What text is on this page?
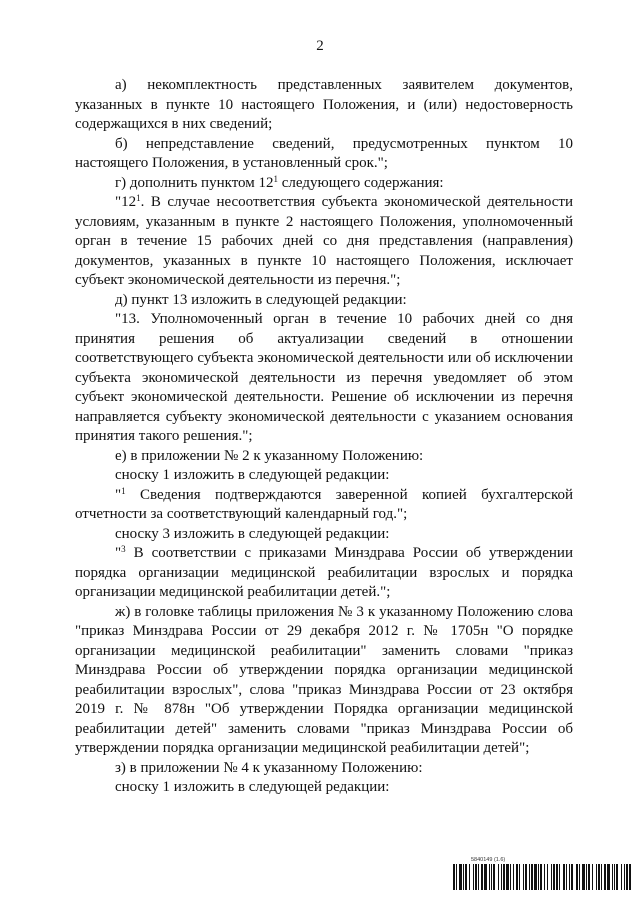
2

а) некомплектность представленных заявителем документов, указанных в пункте 10 настоящего Положения, и (или) недостоверность содержащихся в них сведений;

б) непредставление сведений, предусмотренных пунктом 10 настоящего Положения, в установленный срок.";

г) дополнить пунктом $12^1$ следующего содержания:

"$12^1$. В случае несоответствия субъекта экономической деятельности условиям, указанным в пункте 2 настоящего Положения, уполномоченный орган в течение 15 рабочих дней со дня представления (направления) документов, указанных в пункте 10 настоящего Положения, исключает субъект экономической деятельности из перечня.";

д) пункт 13 изложить в следующей редакции:

"13. Уполномоченный орган в течение 10 рабочих дней со дня принятия решения об актуализации сведений в отношении соответствующего субъекта экономической деятельности или об исключении субъекта экономической деятельности из перечня уведомляет об этом субъект экономической деятельности. Решение об исключении из перечня направляется субъекту экономической деятельности с указанием основания принятия такого решения.";

е) в приложении № 2 к указанному Положению:

сноску 1 изложить в следующей редакции:

"$^1$ Сведения подтверждаются заверенной копией бухгалтерской отчетности за соответствующий календарный год.";

сноску 3 изложить в следующей редакции:

"$^3$ В соответствии с приказами Минздрава России об утверждении порядка организации медицинской реабилитации взрослых и порядка организации медицинской реабилитации детей.";

ж) в головке таблицы приложения № 3 к указанному Положению слова "приказ Минздрава России от 29 декабря 2012 г. № 1705н "О порядке организации медицинской реабилитации" заменить словами "приказ Минздрава России об утверждении порядка организации медицинской реабилитации взрослых", слова "приказ Минздрава России от 23 октября 2019 г. № 878н "Об утверждении Порядка организации медицинской реабилитации детей" заменить словами "приказ Минздрава России об утверждении порядка организации медицинской реабилитации детей";

з) в приложении № 4 к указанному Положению:

сноску 1 изложить в следующей редакции:

5840149 (1.6)
